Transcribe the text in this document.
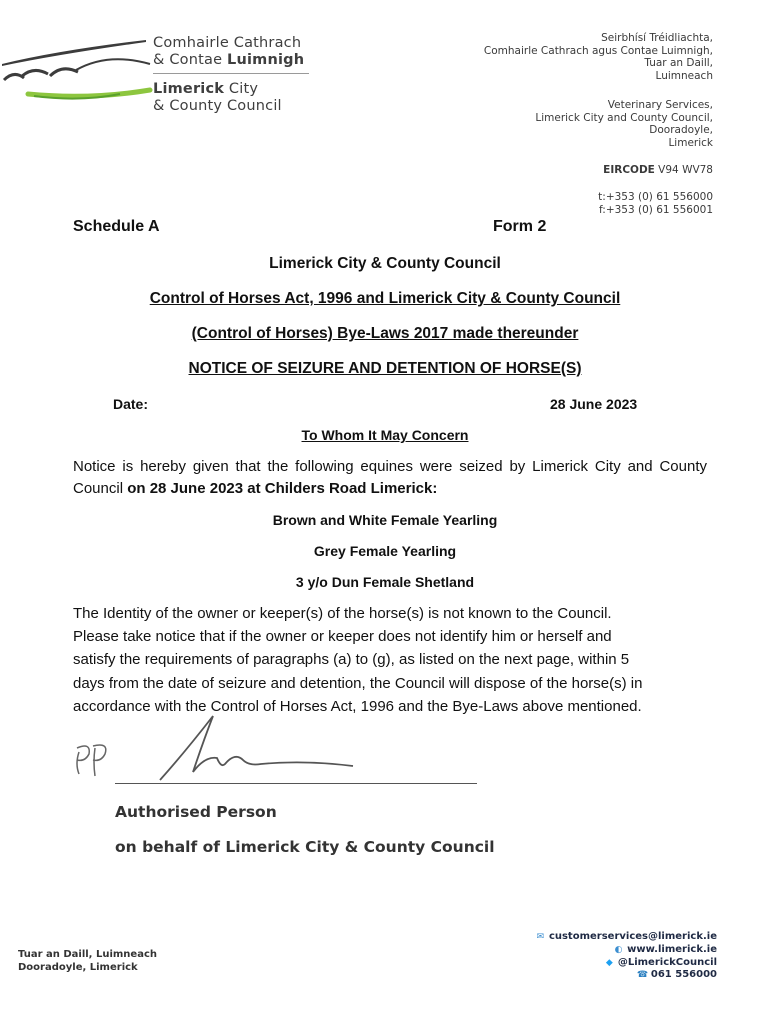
Comhairle Cathrach
& Contae Luimnigh
Limerick City
& County Council
Seirbhísí Tréidliachta,
Comhairle Cathrach agus Contae Luimnigh,
Tuar an Daill,
Luimneach
Veterinary Services,
Limerick City and County Council,
Dooradoyle,
Limerick
EIRCODE V94 WV78
t:+353 (0) 61 556000
f:+353 (0) 61 556001
Schedule A	Form 2
Limerick City & County Council
Control of Horses Act, 1996 and Limerick City & County Council
(Control of Horses) Bye-Laws 2017 made thereunder
NOTICE OF SEIZURE AND DETENTION OF HORSE(S)
Date:	28 June 2023
To Whom It May Concern
Notice is hereby given that the following equines were seized by Limerick City and County Council on 28 June 2023 at Childers Road Limerick:
Brown and White Female Yearling
Grey Female Yearling
3 y/o Dun Female Shetland

The Identity of the owner or keeper(s) of the horse(s) is not known to the Council.

Please take notice that if the owner or keeper does not identify him or herself and

satisfy the requirements of paragraphs (a) to (g), as listed on the next page, within 5

days from the date of seizure and detention, the Council will dispose of the horse(s) in

accordance with the Control of Horses Act, 1996 and the Bye-Laws above mentioned.

Authorised Person
on behalf of Limerick City & County Council
Tuar an Daill, Luimneach
Dooradoyle, Limerick
✉ customerservices@limerick.ie
◐ www.limerick.ie
◆ @LimerickCouncil
☎ 061 556000
